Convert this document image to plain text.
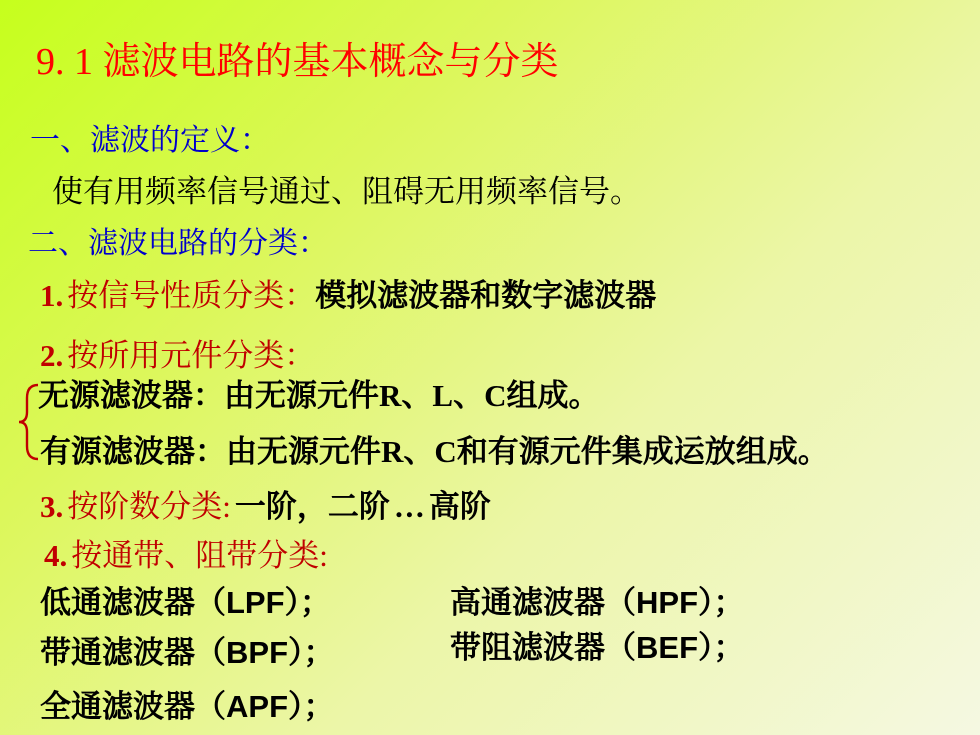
9. 1 滤波电路的基本概念与分类
一、滤波的定义：
使有用频率信号通过、阻碍无用频率信号。
二、滤波电路的分类：
1. 按信号性质分类：模拟滤波器和数字滤波器
2. 按所用元件分类：
无源滤波器：由无源元件R、L、C组成。
有源滤波器：由无源元件R、C和有源元件集成运放组成。
3. 按阶数分类: 一阶，二阶 … 高阶
4. 按通带、阻带分类:
低通滤波器（LPF）；	高通滤波器（HPF）；
带通滤波器（BPF）；	带阻滤波器（BEF）；
全通滤波器（APF）；
